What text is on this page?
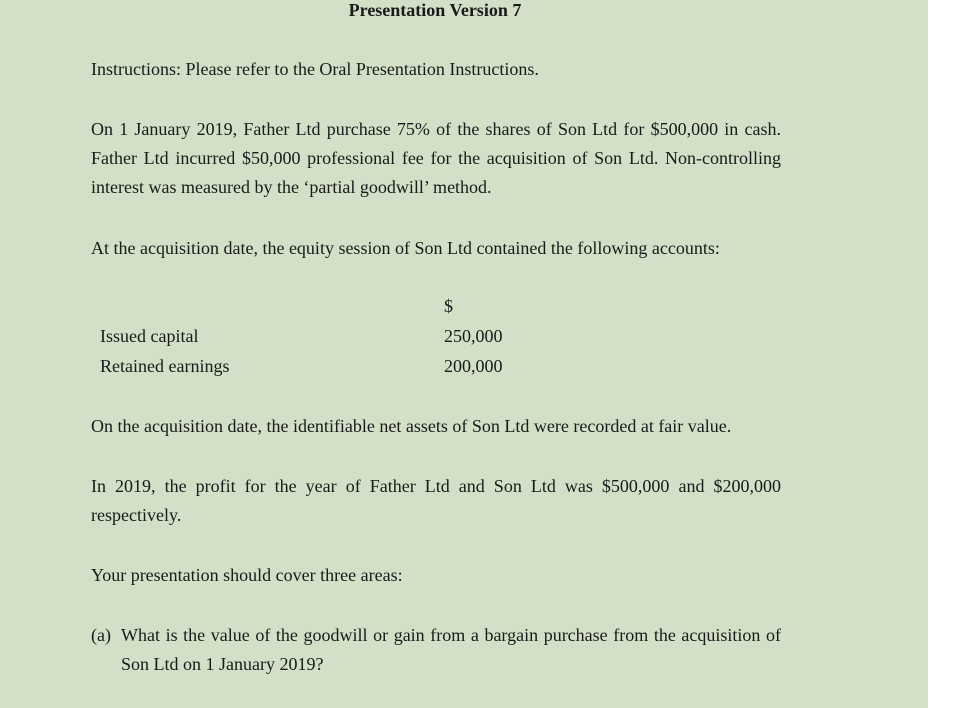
Presentation Version 7

Instructions: Please refer to the Oral Presentation Instructions.

On 1 January 2019, Father Ltd purchase 75% of the shares of Son Ltd for $500,000 in cash. Father Ltd incurred $50,000 professional fee for the acquisition of Son Ltd. Non-controlling interest was measured by the ‘partial goodwill’ method.

At the acquisition date, the equity session of Son Ltd contained the following accounts:

$
Issued capital	250,000
Retained earnings	200,000

On the acquisition date, the identifiable net assets of Son Ltd were recorded at fair value.

In 2019, the profit for the year of Father Ltd and Son Ltd was $500,000 and $200,000 respectively.

Your presentation should cover three areas:

(a) What is the value of the goodwill or gain from a bargain purchase from the acquisition of Son Ltd on 1 January 2019?
